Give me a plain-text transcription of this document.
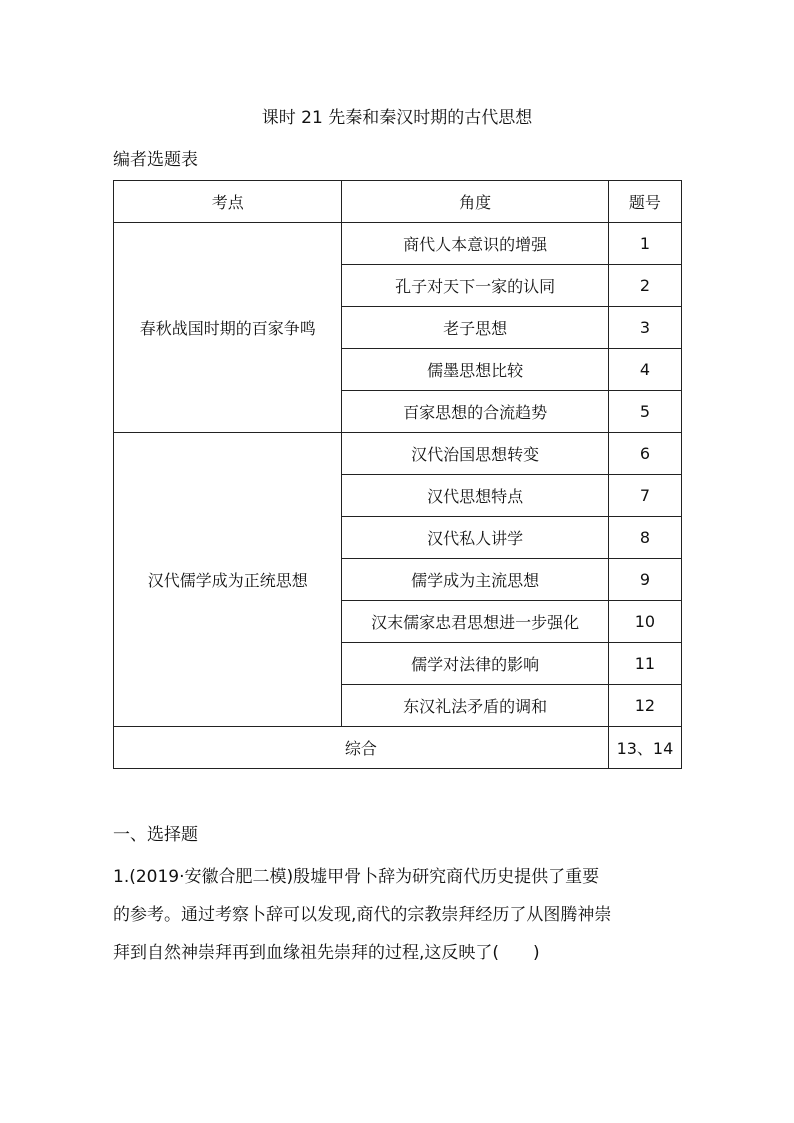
课时 21 先秦和秦汉时期的古代思想
编者选题表
考点	角度	题号
春秋战国时期的百家争鸣	商代人本意识的增强	1
	孔子对天下一家的认同	2
	老子思想	3
	儒墨思想比较	4
	百家思想的合流趋势	5
汉代儒学成为正统思想	汉代治国思想转变	6
	汉代思想特点	7
	汉代私人讲学	8
	儒学成为主流思想	9
	汉末儒家忠君思想进一步强化	10
	儒学对法律的影响	11
	东汉礼法矛盾的调和	12
综合		13、14
一、选择题
1.(2019·安徽合肥二模)殷墟甲骨卜辞为研究商代历史提供了重要
的参考。通过考察卜辞可以发现,商代的宗教崇拜经历了从图腾神崇
拜到自然神崇拜再到血缘祖先崇拜的过程,这反映了(　　)
